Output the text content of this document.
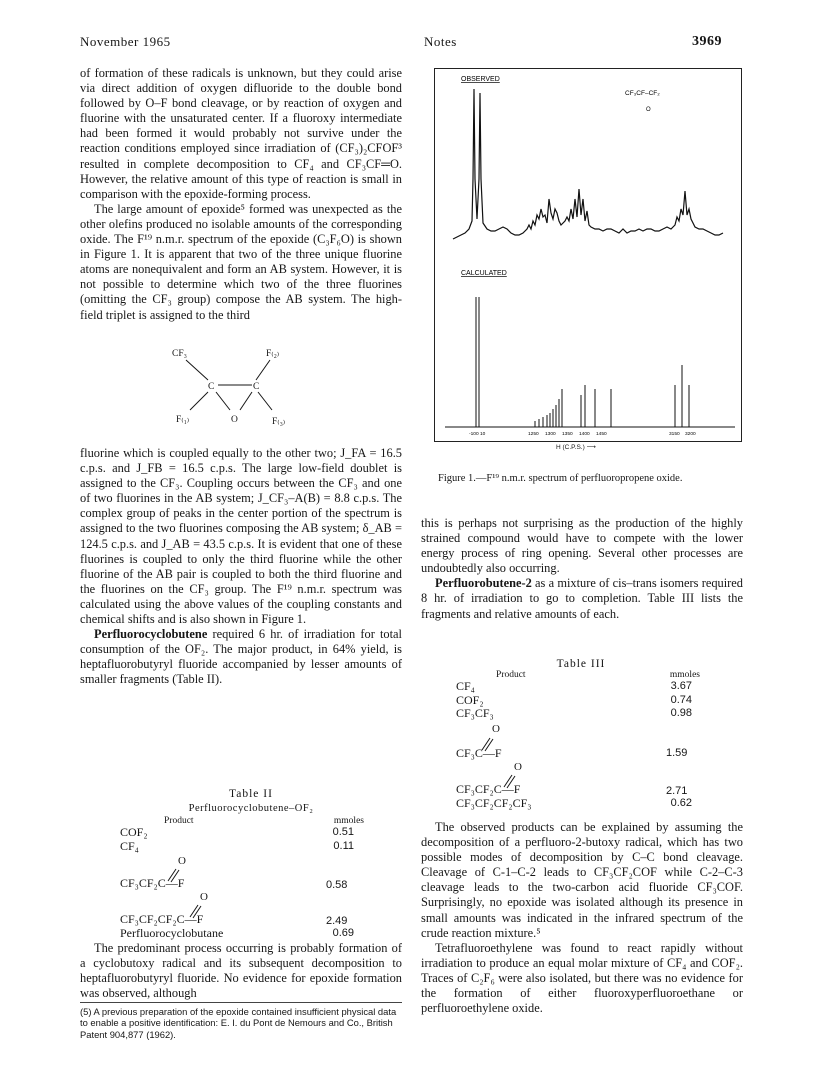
November 1965	Notes	3969

of formation of these radicals is unknown, but they could arise via direct addition of oxygen difluoride to the double bond followed by O–F bond cleavage, or by reaction of oxygen and fluorine with the unsaturated center. If a fluoroxy intermediate had been formed it would probably not survive under the reaction conditions employed since irradiation of (CF₃)₂CFOF³ resulted in complete decomposition to CF₄ and CF₃CF═O. However, the relative amount of this type of reaction is small in comparison with the epoxide-forming process.

The large amount of epoxide⁵ formed was unexpected as the other olefins produced no isolable amounts of the corresponding oxide. The F¹⁹ n.m.r. spectrum of the epoxide (C₃F₆O) is shown in Figure 1. It is apparent that two of the three unique fluorine atoms are nonequivalent and form an AB system. However, it is not possible to determine which two of the three fluorines (omitting the CF₃ group) compose the AB system. The high-field triplet is assigned to the third

CF₃	F₍₂₎
C	C
F₍₁₎	O	F₍₃₎

fluorine which is coupled equally to the other two; J_FA = 16.5 c.p.s. and J_FB = 16.5 c.p.s. The large low-field doublet is assigned to the CF₃. Coupling occurs between the CF₃ and one of two fluorines in the AB system; J_CF₃–A(B) = 8.8 c.p.s. The complex group of peaks in the center portion of the spectrum is assigned to the two fluorines composing the AB system; δ_AB = 124.5 c.p.s. and J_AB = 43.5 c.p.s. It is evident that one of these fluorines is coupled to only the third fluorine while the other fluorine of the AB pair is coupled to both the third fluorine and the fluorines on the CF₃ group. The F¹⁹ n.m.r. spectrum was calculated using the above values of the coupling constants and chemical shifts and is also shown in Figure 1.

Perfluorocyclobutene required 6 hr. of irradiation for total consumption of the OF₂. The major product, in 64% yield, is heptafluorobutyryl fluoride accompanied by lesser amounts of smaller fragments (Table II).

Table II
Perfluorocyclobutene–OF₂
Product	mmoles
COF₂	0.51
CF₄	0.11
O
CF₃CF₂C—F	0.58
O
CF₃CF₂CF₂C—F	2.49
Perfluorocyclobutane	0.69

The predominant process occurring is probably formation of a cyclobutoxy radical and its subsequent decomposition to heptafluorobutyryl fluoride. No evidence for epoxide formation was observed, although

(5) A previous preparation of the epoxide contained insufficient physical data to enable a positive identification: E. I. du Pont de Nemours and Co., British Patent 904,877 (1962).
OBSERVED
CF₃CF–CF₂
O
CALCULATED
-10 0 10	1250 1300 1350 1400 1450	3150 3200
H (C.P.S.) ⟶
Figure 1.—F¹⁹ n.m.r. spectrum of perfluoropropene oxide.

this is perhaps not surprising as the production of the highly strained compound would have to compete with the lower energy process of ring opening. Several other processes are undoubtedly also occurring.

Perfluorobutene-2 as a mixture of cis–trans isomers required 8 hr. of irradiation to go to completion. Table III lists the fragments and relative amounts of each.

Table III
Product	mmoles
CF₄	3.67
COF₂	0.74
CF₃CF₃	0.98
O
CF₃C—F	1.59
O
CF₃CF₂C—F	2.71
CF₃CF₂CF₂CF₃	0.62

The observed products can be explained by assuming the decomposition of a perfluoro-2-butoxy radical, which has two possible modes of decomposition by C–C bond cleavage. Cleavage of C-1–C-2 leads to CF₃CF₂COF while C-2–C-3 cleavage leads to the two-carbon acid fluoride CF₃COF. Surprisingly, no epoxide was isolated although its presence in small amounts was indicated in the infrared spectrum of the crude reaction mixture.⁵

Tetrafluoroethylene was found to react rapidly without irradiation to produce an equal molar mixture of CF₄ and COF₂. Traces of C₂F₆ were also isolated, but there was no evidence for the formation of either fluoroxyperfluoroethane or perfluoroethylene oxide.
